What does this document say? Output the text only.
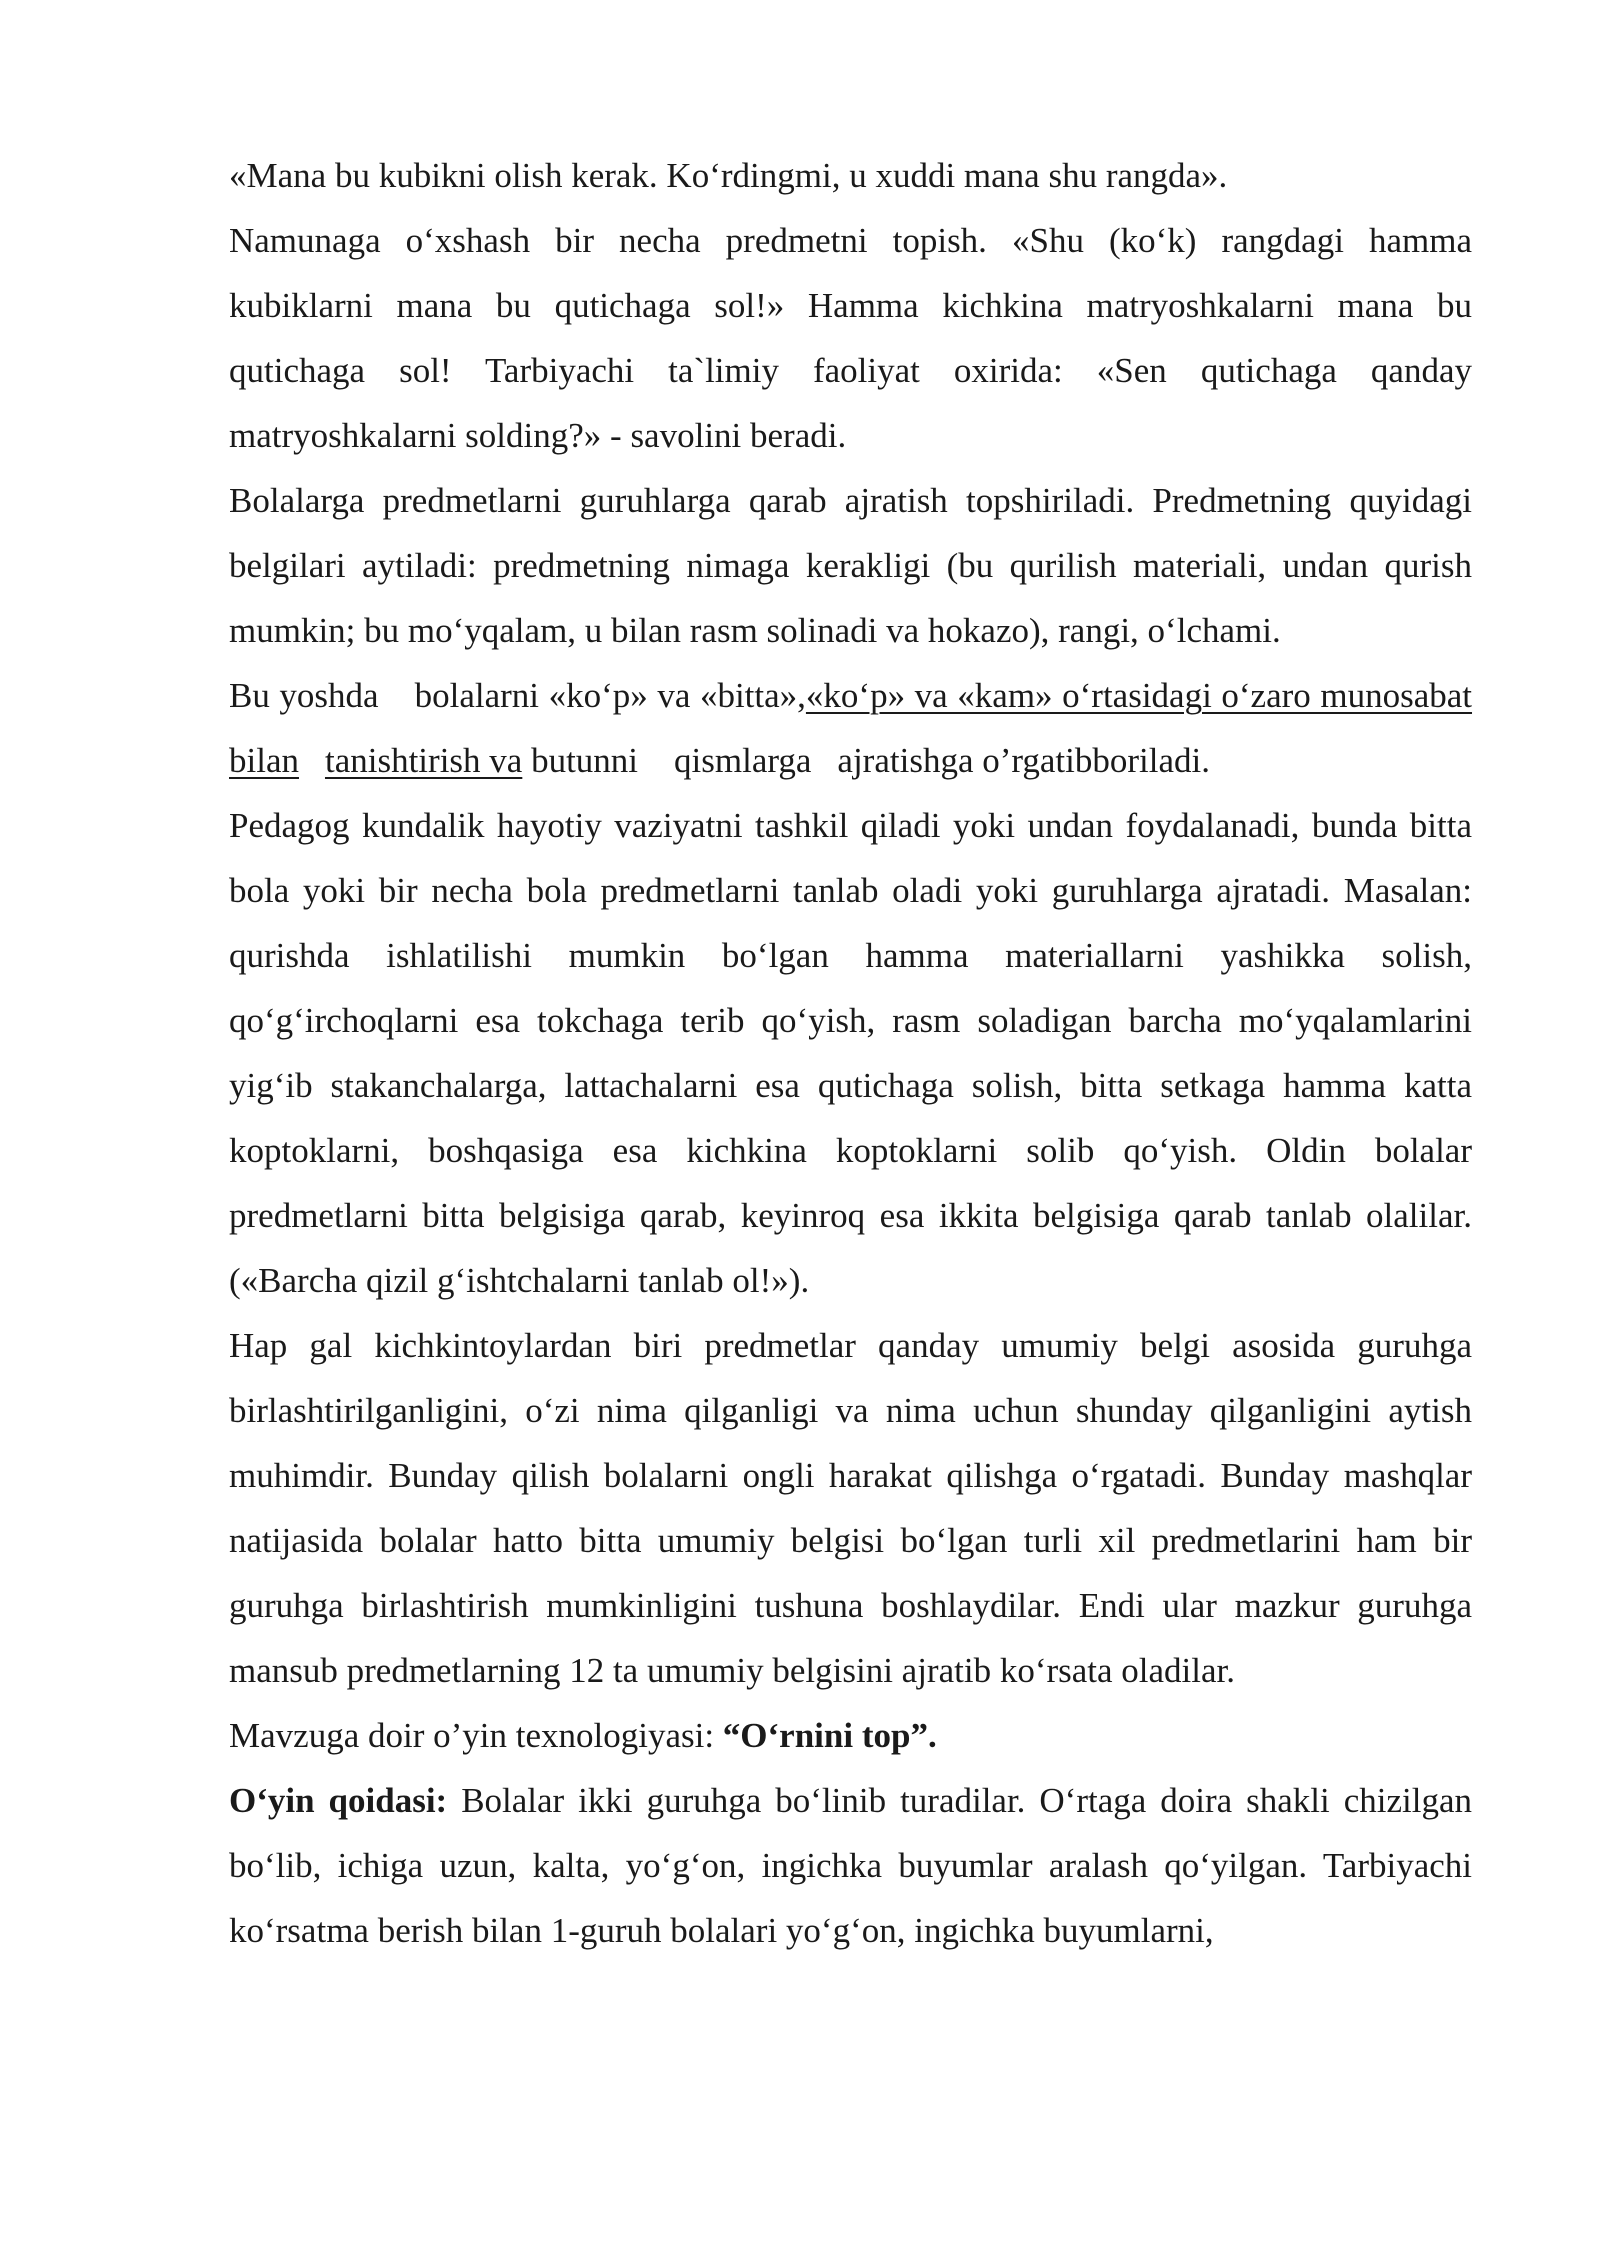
«Mana bu kubikni olish kerak. Ko‘rdingmi, u xuddi mana shu rangda».

Namunaga o‘xshash bir necha predmetni topish. «Shu (ko‘k) rangdagi hamma kubiklarni mana bu qutichaga sol!» Hamma kichkina matryoshkalarni mana bu qutichaga sol! Tarbiyachi ta`limiy faoliyat oxirida: «Sen qutichaga qanday matryoshkalarni solding?» - savolini beradi.

Bolalarga predmetlarni guruhlarga qarab ajratish topshiriladi. Predmetning quyidagi belgilari aytiladi: predmetning nimaga kerakligi (bu qurilish materiali, undan qurish mumkin; bu mo‘yqalam, u bilan rasm solinadi va hokazo), rangi, o‘lchami.

Bu yoshda bolalarni «ko‘p» va «bitta»,«ko‘p» va «kam» o‘rtasidagi o‘zaro munosabat bilan tanishtirish va butunni qismlarga ajratishga o’rgatibboriladi.

Pedagog kundalik hayotiy vaziyatni tashkil qiladi yoki undan foydalanadi, bunda bitta bola yoki bir necha bola predmetlarni tanlab oladi yoki guruhlarga ajratadi. Masalan: qurishda ishlatilishi mumkin bo‘lgan hamma materiallarni yashikka solish, qo‘g‘irchoqlarni esa tokchaga terib qo‘yish, rasm soladigan barcha mo‘yqalamlarini yig‘ib stakanchalarga, lattachalarni esa qutichaga solish, bitta setkaga hamma katta koptoklarni, boshqasiga esa kichkina koptoklarni solib qo‘yish. Oldin bolalar predmetlarni bitta belgisiga qarab, keyinroq esa ikkita belgisiga qarab tanlab olalilar. («Barcha qizil g‘ishtchalarni tanlab ol!»).

Hap gal kichkintoylardan biri predmetlar qanday umumiy belgi asosida guruhga birlashtirilganligini, o‘zi nima qilganligi va nima uchun shunday qilganligini aytish muhimdir. Bunday qilish bolalarni ongli harakat qilishga o‘rgatadi. Bunday mashqlar natijasida bolalar hatto bitta umumiy belgisi bo‘lgan turli xil predmetlarini ham bir guruhga birlashtirish mumkinligini tushuna boshlaydilar. Endi ular mazkur guruhga mansub predmetlarning 12 ta umumiy belgisini ajratib ko‘rsata oladilar.

Mavzuga doir o’yin texnologiyasi: “O‘rnini top”.

O‘yin qoidasi: Bolalar ikki guruhga bo‘linib turadilar. O‘rtaga doira shakli chizilgan bo‘lib, ichiga uzun, kalta, yo‘g‘on, ingichka buyumlar aralash qo‘yilgan. Tarbiyachi ko‘rsatma berish bilan 1-guruh bolalari yo‘g‘on, ingichka buyumlarni,
